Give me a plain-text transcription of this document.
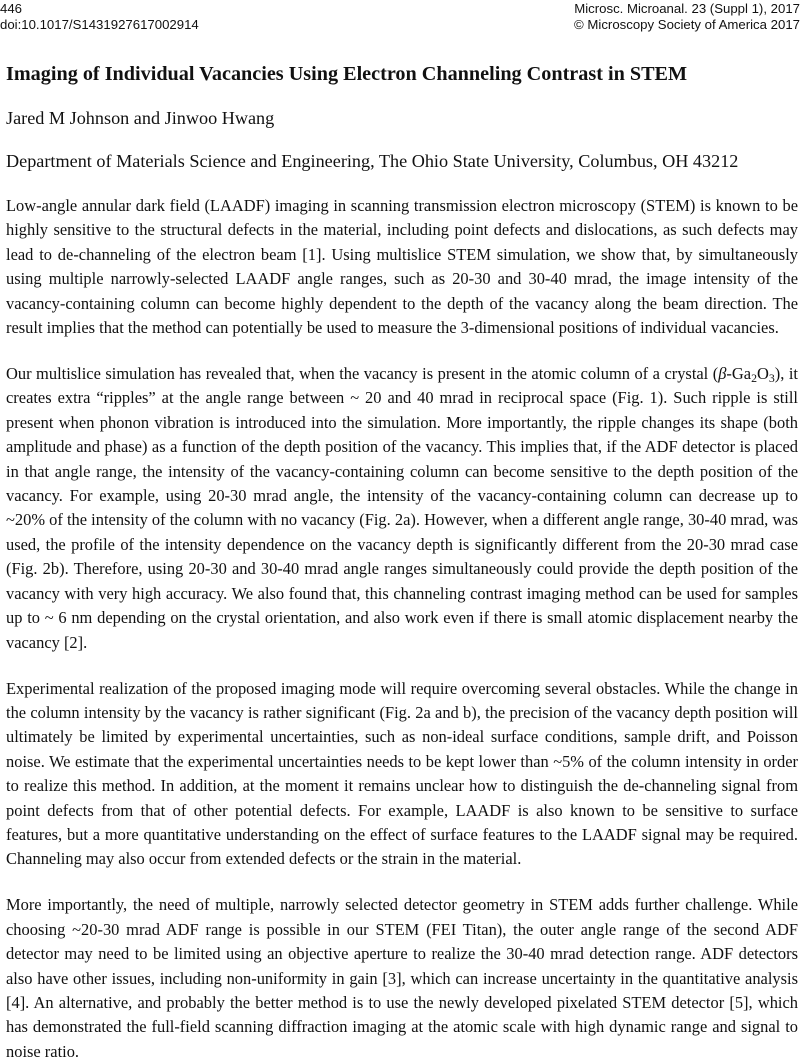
446
doi:10.1017/S1431927617002914
Microsc. Microanal. 23 (Suppl 1), 2017
© Microscopy Society of America 2017
Imaging of Individual Vacancies Using Electron Channeling Contrast in STEM
Jared M Johnson and Jinwoo Hwang
Department of Materials Science and Engineering, The Ohio State University, Columbus, OH 43212

Low-angle annular dark field (LAADF) imaging in scanning transmission electron microscopy (STEM) is known to be highly sensitive to the structural defects in the material, including point defects and dislocations, as such defects may lead to de-channeling of the electron beam [1]. Using multislice STEM simulation, we show that, by simultaneously using multiple narrowly-selected LAADF angle ranges, such as 20-30 and 30-40 mrad, the image intensity of the vacancy-containing column can become highly dependent to the depth of the vacancy along the beam direction. The result implies that the method can potentially be used to measure the 3-dimensional positions of individual vacancies.

Our multislice simulation has revealed that, when the vacancy is present in the atomic column of a crystal $(\beta-Ga_2O_3)$, it creates extra “ripples” at the angle range between ~ 20 and 40 mrad in reciprocal space (Fig. 1). Such ripple is still present when phonon vibration is introduced into the simulation. More importantly, the ripple changes its shape (both amplitude and phase) as a function of the depth position of the vacancy. This implies that, if the ADF detector is placed in that angle range, the intensity of the vacancy-containing column can become sensitive to the depth position of the vacancy. For example, using 20-30 mrad angle, the intensity of the vacancy-containing column can decrease up to ~20% of the intensity of the column with no vacancy (Fig. 2a). However, when a different angle range, 30-40 mrad, was used, the profile of the intensity dependence on the vacancy depth is significantly different from the 20-30 mrad case (Fig. 2b). Therefore, using 20-30 and 30-40 mrad angle ranges simultaneously could provide the depth position of the vacancy with very high accuracy. We also found that, this channeling contrast imaging method can be used for samples up to ~ 6 nm depending on the crystal orientation, and also work even if there is small atomic displacement nearby the vacancy [2].

Experimental realization of the proposed imaging mode will require overcoming several obstacles. While the change in the column intensity by the vacancy is rather significant (Fig. 2a and b), the precision of the vacancy depth position will ultimately be limited by experimental uncertainties, such as non-ideal surface conditions, sample drift, and Poisson noise. We estimate that the experimental uncertainties needs to be kept lower than ~5% of the column intensity in order to realize this method. In addition, at the moment it remains unclear how to distinguish the de-channeling signal from point defects from that of other potential defects. For example, LAADF is also known to be sensitive to surface features, but a more quantitative understanding on the effect of surface features to the LAADF signal may be required. Channeling may also occur from extended defects or the strain in the material.

More importantly, the need of multiple, narrowly selected detector geometry in STEM adds further challenge. While choosing ~20-30 mrad ADF range is possible in our STEM (FEI Titan), the outer angle range of the second ADF detector may need to be limited using an objective aperture to realize the 30-40 mrad detection range. ADF detectors also have other issues, including non-uniformity in gain [3], which can increase uncertainty in the quantitative analysis [4]. An alternative, and probably the better method is to use the newly developed pixelated STEM detector [5], which has demonstrated the full-field scanning diffraction imaging at the atomic scale with high dynamic range and signal to noise ratio.
